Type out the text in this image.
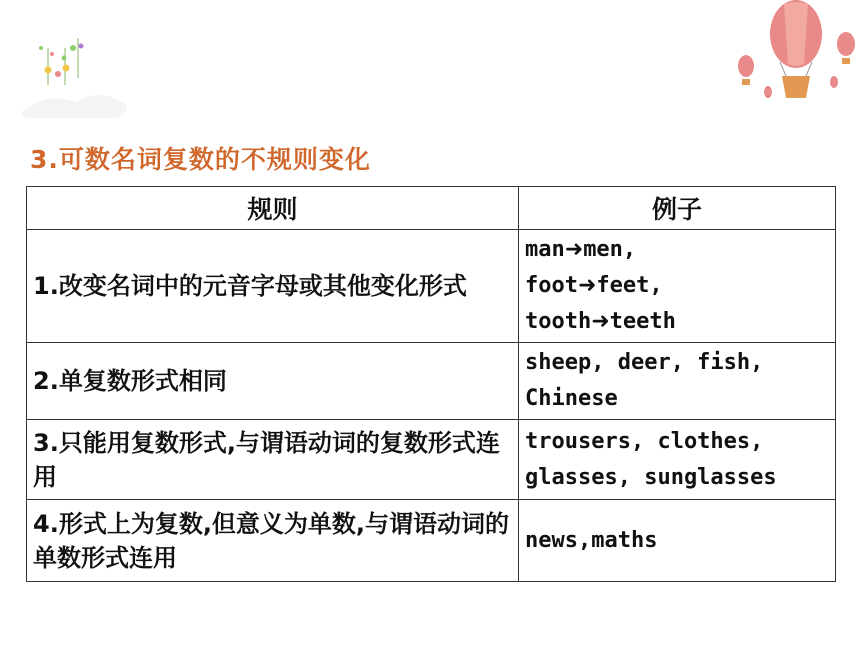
3.可数名词复数的不规则变化
规则	例子
1.改变名词中的元音字母或其他变化形式	man➜men,
foot➜feet,
tooth➜teeth

2.单复数形式相同	sheep, deer, fish,
Chinese

3.只能用复数形式,与谓语动词的复数形式连用	trousers, clothes,
glasses, sunglasses

4.形式上为复数,但意义为单数,与谓语动词的单数形式连用	news,maths
